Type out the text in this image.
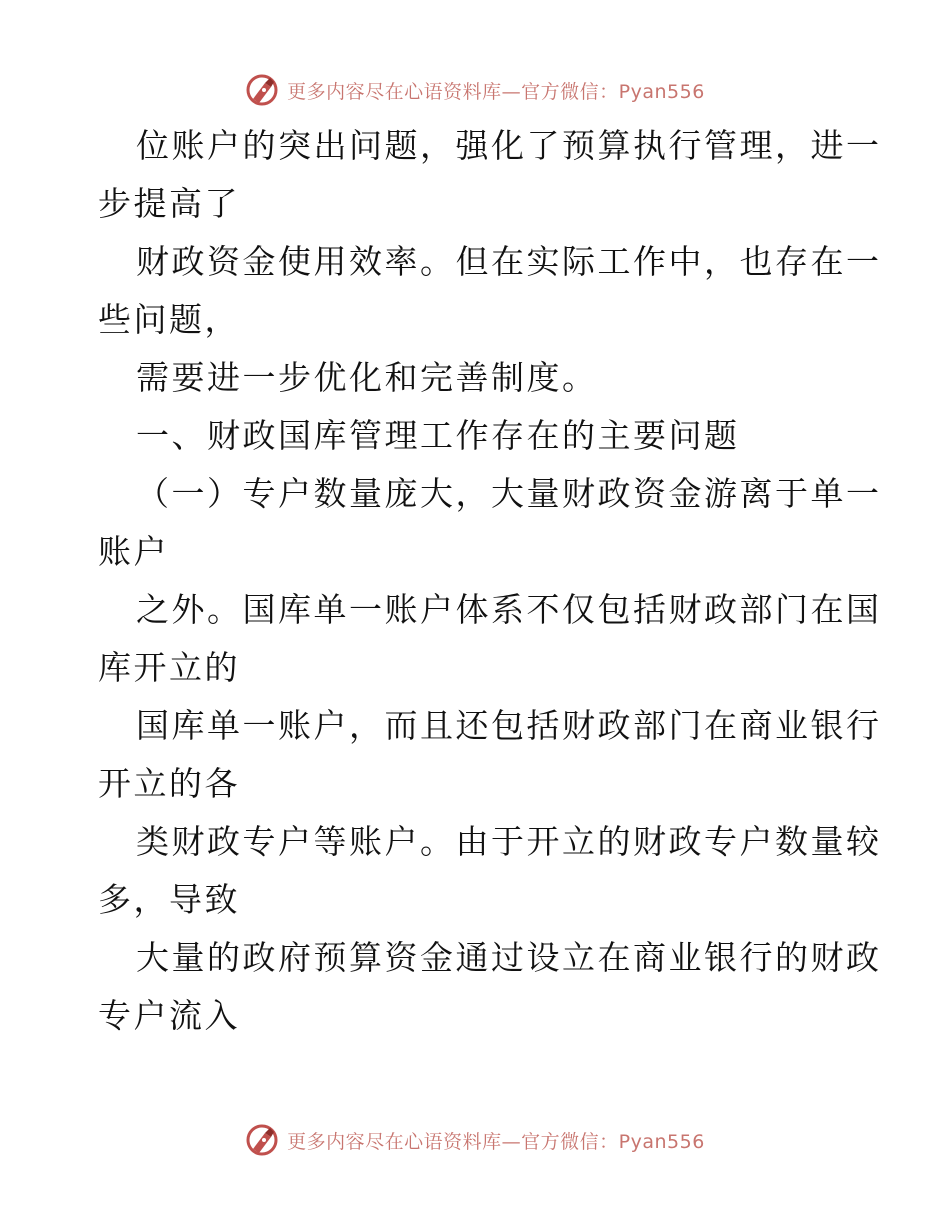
更多内容尽在心语资料库—官方微信：Pyan556
位账户的突出问题，强化了预算执行管理，进一
步提高了
财政资金使用效率。但在实际工作中，也存在一
些问题，
需要进一步优化和完善制度。
一、财政国库管理工作存在的主要问题
（一）专户数量庞大，大量财政资金游离于单一
账户
之外。国库单一账户体系不仅包括财政部门在国
库开立的
国库单一账户，而且还包括财政部门在商业银行
开立的各
类财政专户等账户。由于开立的财政专户数量较
多，导致
大量的政府预算资金通过设立在商业银行的财政
专户流入
更多内容尽在心语资料库—官方微信：Pyan556
